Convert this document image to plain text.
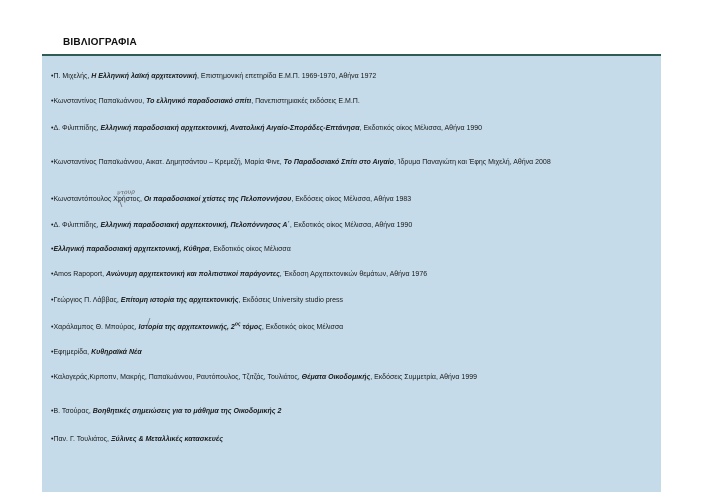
ΒΙΒΛΙΟΓΡΑΦΙΑ

•Π. Μιχελής, Η Ελληνική λαϊκή αρχιτεκτονική, Επιστημονική επετηρίδα Ε.Μ.Π. 1969-1970, Αθήνα 1972

•Κωνσταντίνος Παπαϊωάννου, Το ελληνικό παραδοσιακό σπίτι, Πανεπιστημιακές εκδόσεις Ε.Μ.Π.

•Δ. Φιλιππίδης, Ελληνική παραδοσιακή αρχιτεκτονική, Ανατολική Αιγαίο-Σποράδες-Επτάνησα, Εκδοτικός οίκος Μέλισσα, Αθήνα 1990

•Κωνσταντίνος Παπαϊωάννου, Αικατ. Δημητσάντου – Κρεμεζή, Μαρία Φινε, Το Παραδοσιακό Σπίτι στο Αιγαίο, Ίδρυμα Παναγιώτη και Έφης Μιχελή, Αθήνα 2008

•Κωνσταντόπουλος Χρήστος, Οι παραδοσιακοί χτίστες της Πελοποννήσου, Εκδόσεις οίκος Μέλισσα, Αθήνα 1983

•Δ. Φιλιππίδης, Ελληνική παραδοσιακή αρχιτεκτονική, Πελοπόννησος Α΄, Εκδοτικός οίκος Μέλισσα, Αθήνα 1990

•Ελληνική παραδοσιακή αρχιτεκτονική, Κύθηρα, Εκδοτικός οίκος Μέλισσα

•Amos Rapoport, Ανώνυμη αρχιτεκτονική και πολιτιστικοί παράγοντες, Έκδοση Αρχιτεκτονικών θεμάτων, Αθήνα 1976

•Γεώργιος Π. Λάββας, Επίτομη ιστορία της αρχιτεκτονικής, Εκδόσεις University studio press

•Χαράλαμπος Θ. Μπούρας, Ιστορία της αρχιτεκτονικής, $2^{o\varsigma}$ τόμος, Εκδοτικός οίκος Μέλισσα

•Εφημερίδα, Κυθηραϊκά Νέα

•Καλογεράς,Κιρποπν, Μακρής, Παπαϊωάννου, Ραυτόπουλος, Τζιτζάς, Τουλιάτος, Θέματα Οικοδομικής, Εκδόσεις Συμμετρία, Αθήνα 1999

•Β. Τσούρας, Βοηθητικές σημειώσεις για το μάθημα της Οικοδομικής 2

•Παν. Γ. Τουλιάτος, Ξύλινες & Μεταλλικές κατασκευές

ντουρ
